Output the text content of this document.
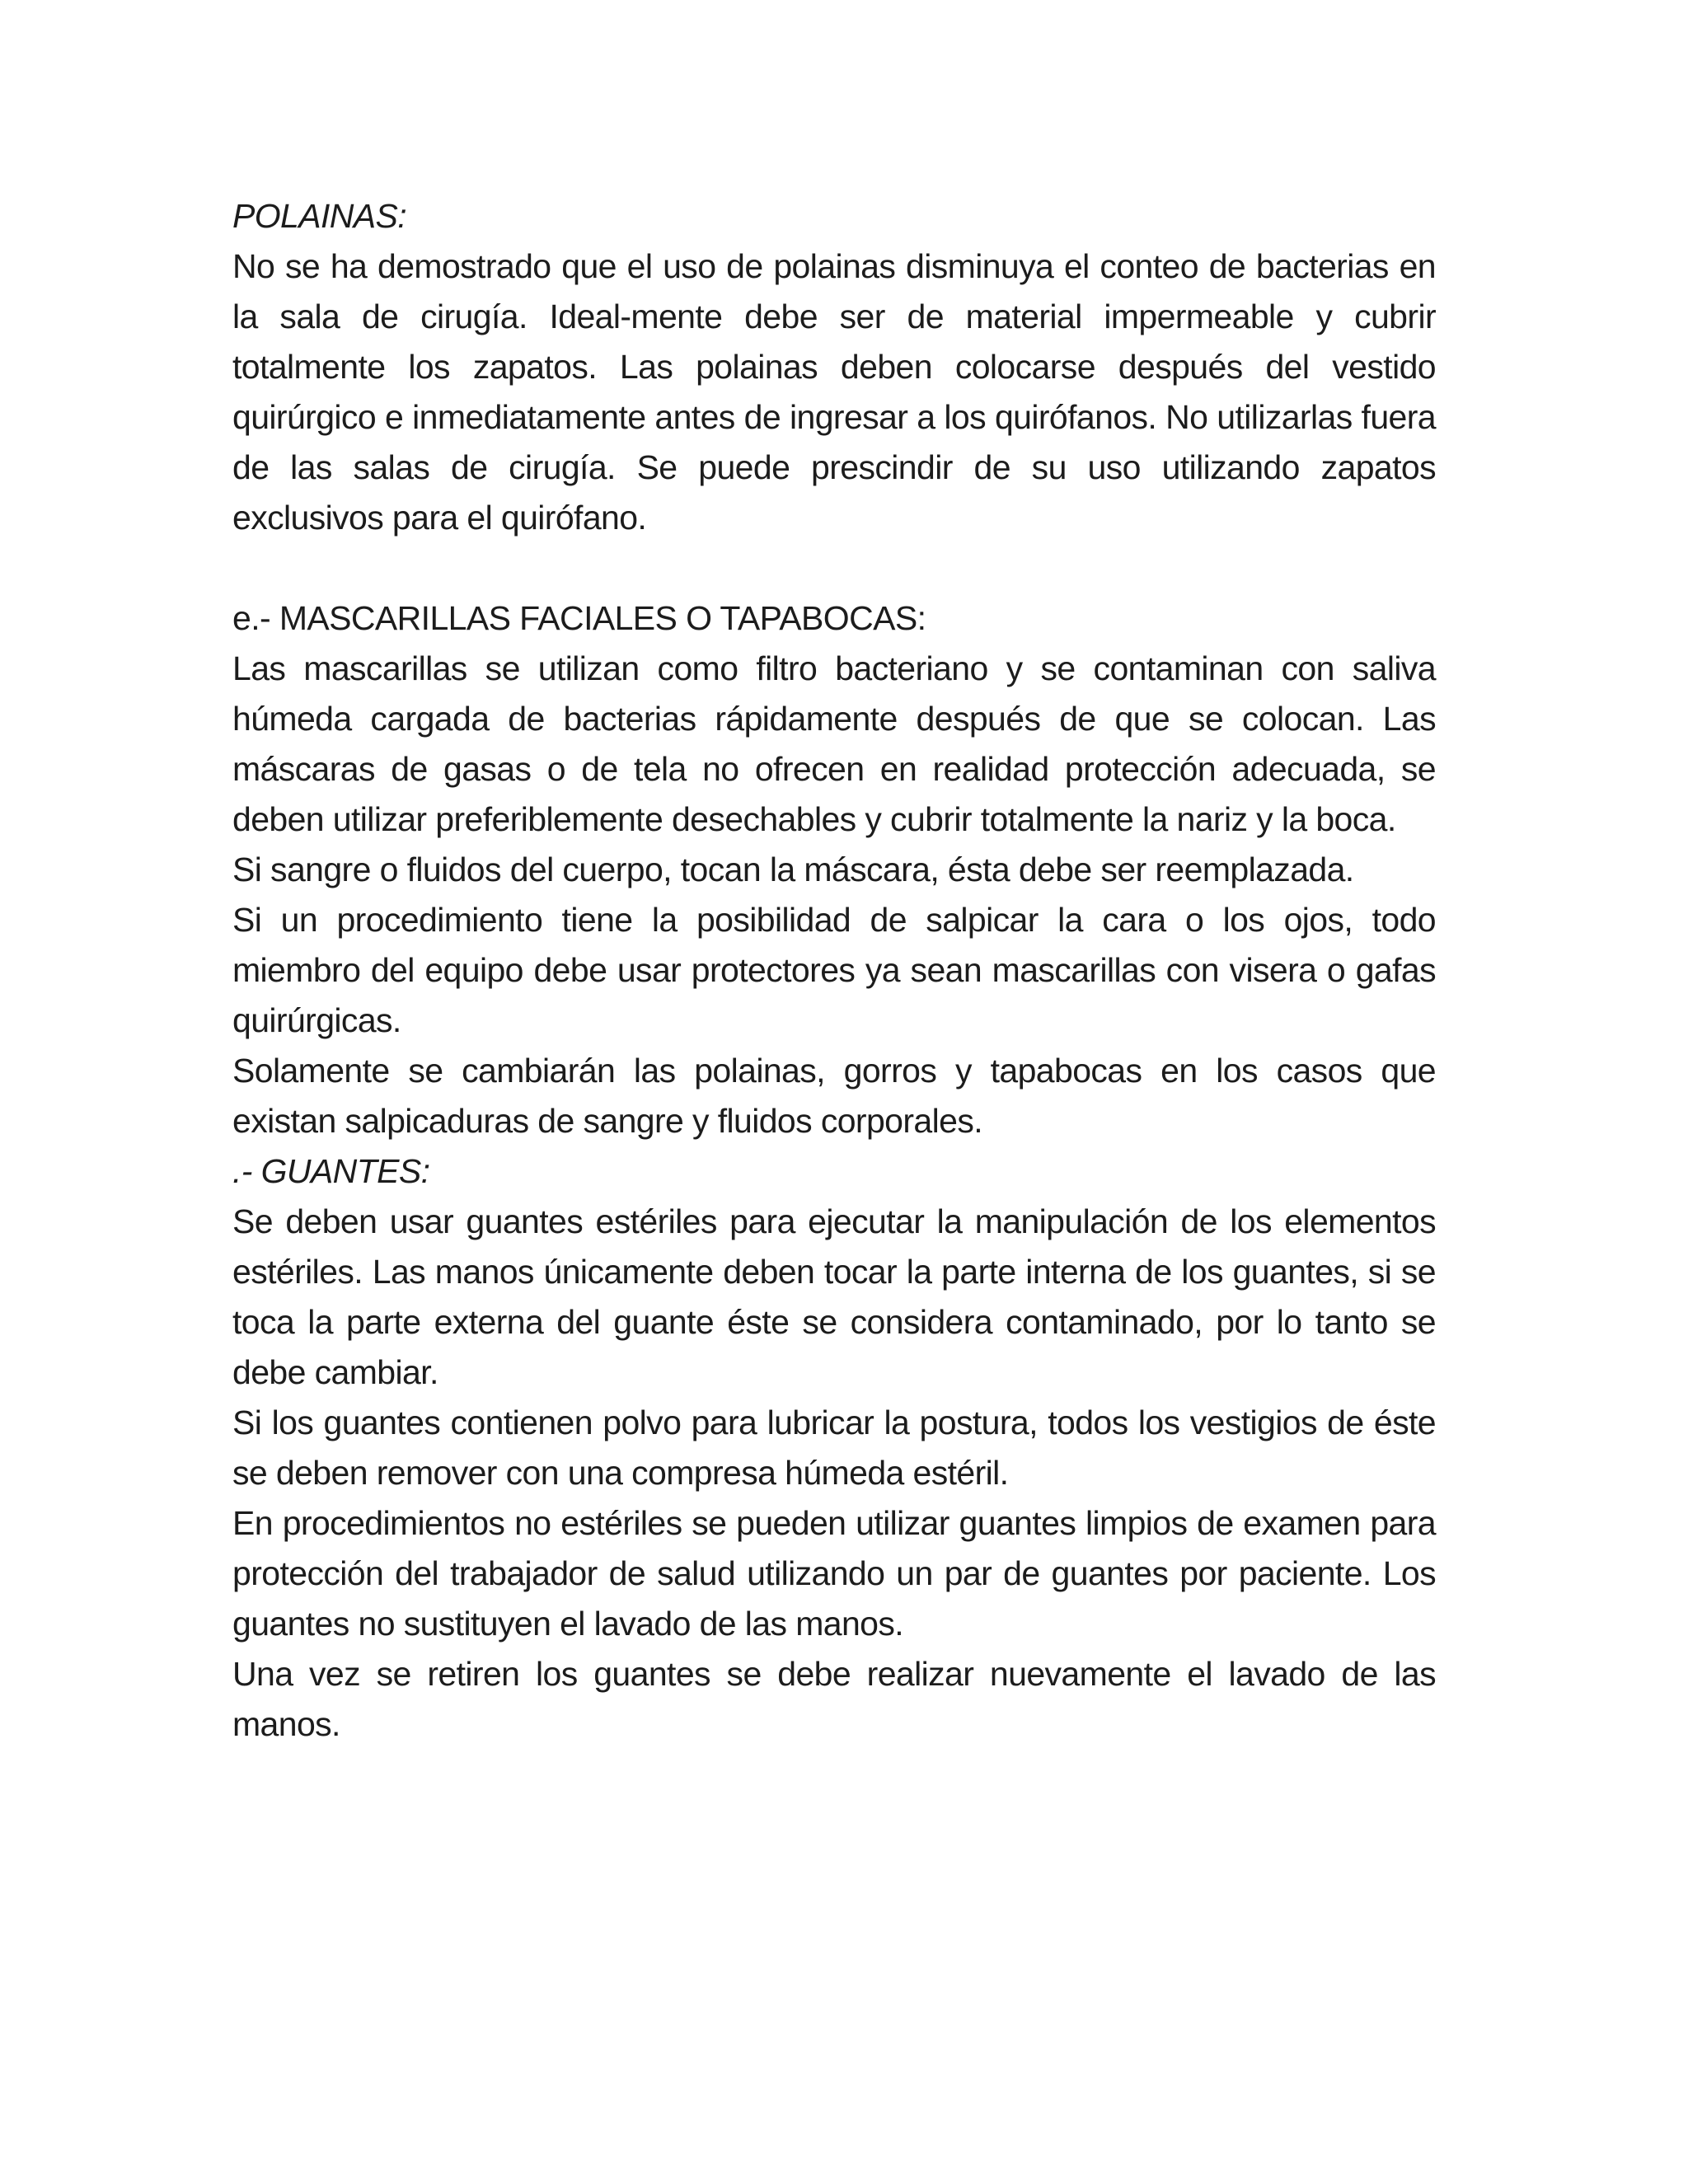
POLAINAS:

No se ha demostrado que el uso de polainas disminuya el conteo de bacterias en la sala de cirugía. Ideal-mente debe ser de material impermeable y cubrir totalmente los zapatos. Las polainas deben colocarse después del vestido quirúrgico e inmediatamente antes de ingresar a los quirófanos. No utilizarlas fuera de las salas de cirugía. Se puede prescindir de su uso utilizando zapatos exclusivos para el quirófano.

e.- MASCARILLAS FACIALES O TAPABOCAS:

Las mascarillas se utilizan como filtro bacteriano y se contaminan con saliva húmeda cargada de bacterias rápidamente después de que se colocan. Las máscaras de gasas o de tela no ofrecen en realidad protección adecuada, se deben utilizar preferiblemente desechables y cubrir totalmente la nariz y la boca.

Si sangre o fluidos del cuerpo, tocan la máscara, ésta debe ser reemplazada.

Si un procedimiento tiene la posibilidad de salpicar la cara o los ojos, todo miembro del equipo debe usar protectores ya sean mascarillas con visera o gafas quirúrgicas.

Solamente se cambiarán las polainas, gorros y tapabocas en los casos que existan salpicaduras de sangre y fluidos corporales.

.- GUANTES:

Se deben usar guantes estériles para ejecutar la manipulación de los elementos estériles. Las manos únicamente deben tocar la parte interna de los guantes, si se toca la parte externa del guante éste se considera contaminado, por lo tanto se debe cambiar.

Si los guantes contienen polvo para lubricar la postura, todos los vestigios de éste se deben remover con una compresa húmeda estéril.

En procedimientos no estériles se pueden utilizar guantes limpios de examen para protección del trabajador de salud utilizando un par de guantes por paciente. Los guantes no sustituyen el lavado de las manos.

Una vez se retiren los guantes se debe realizar nuevamente el lavado de las manos.
